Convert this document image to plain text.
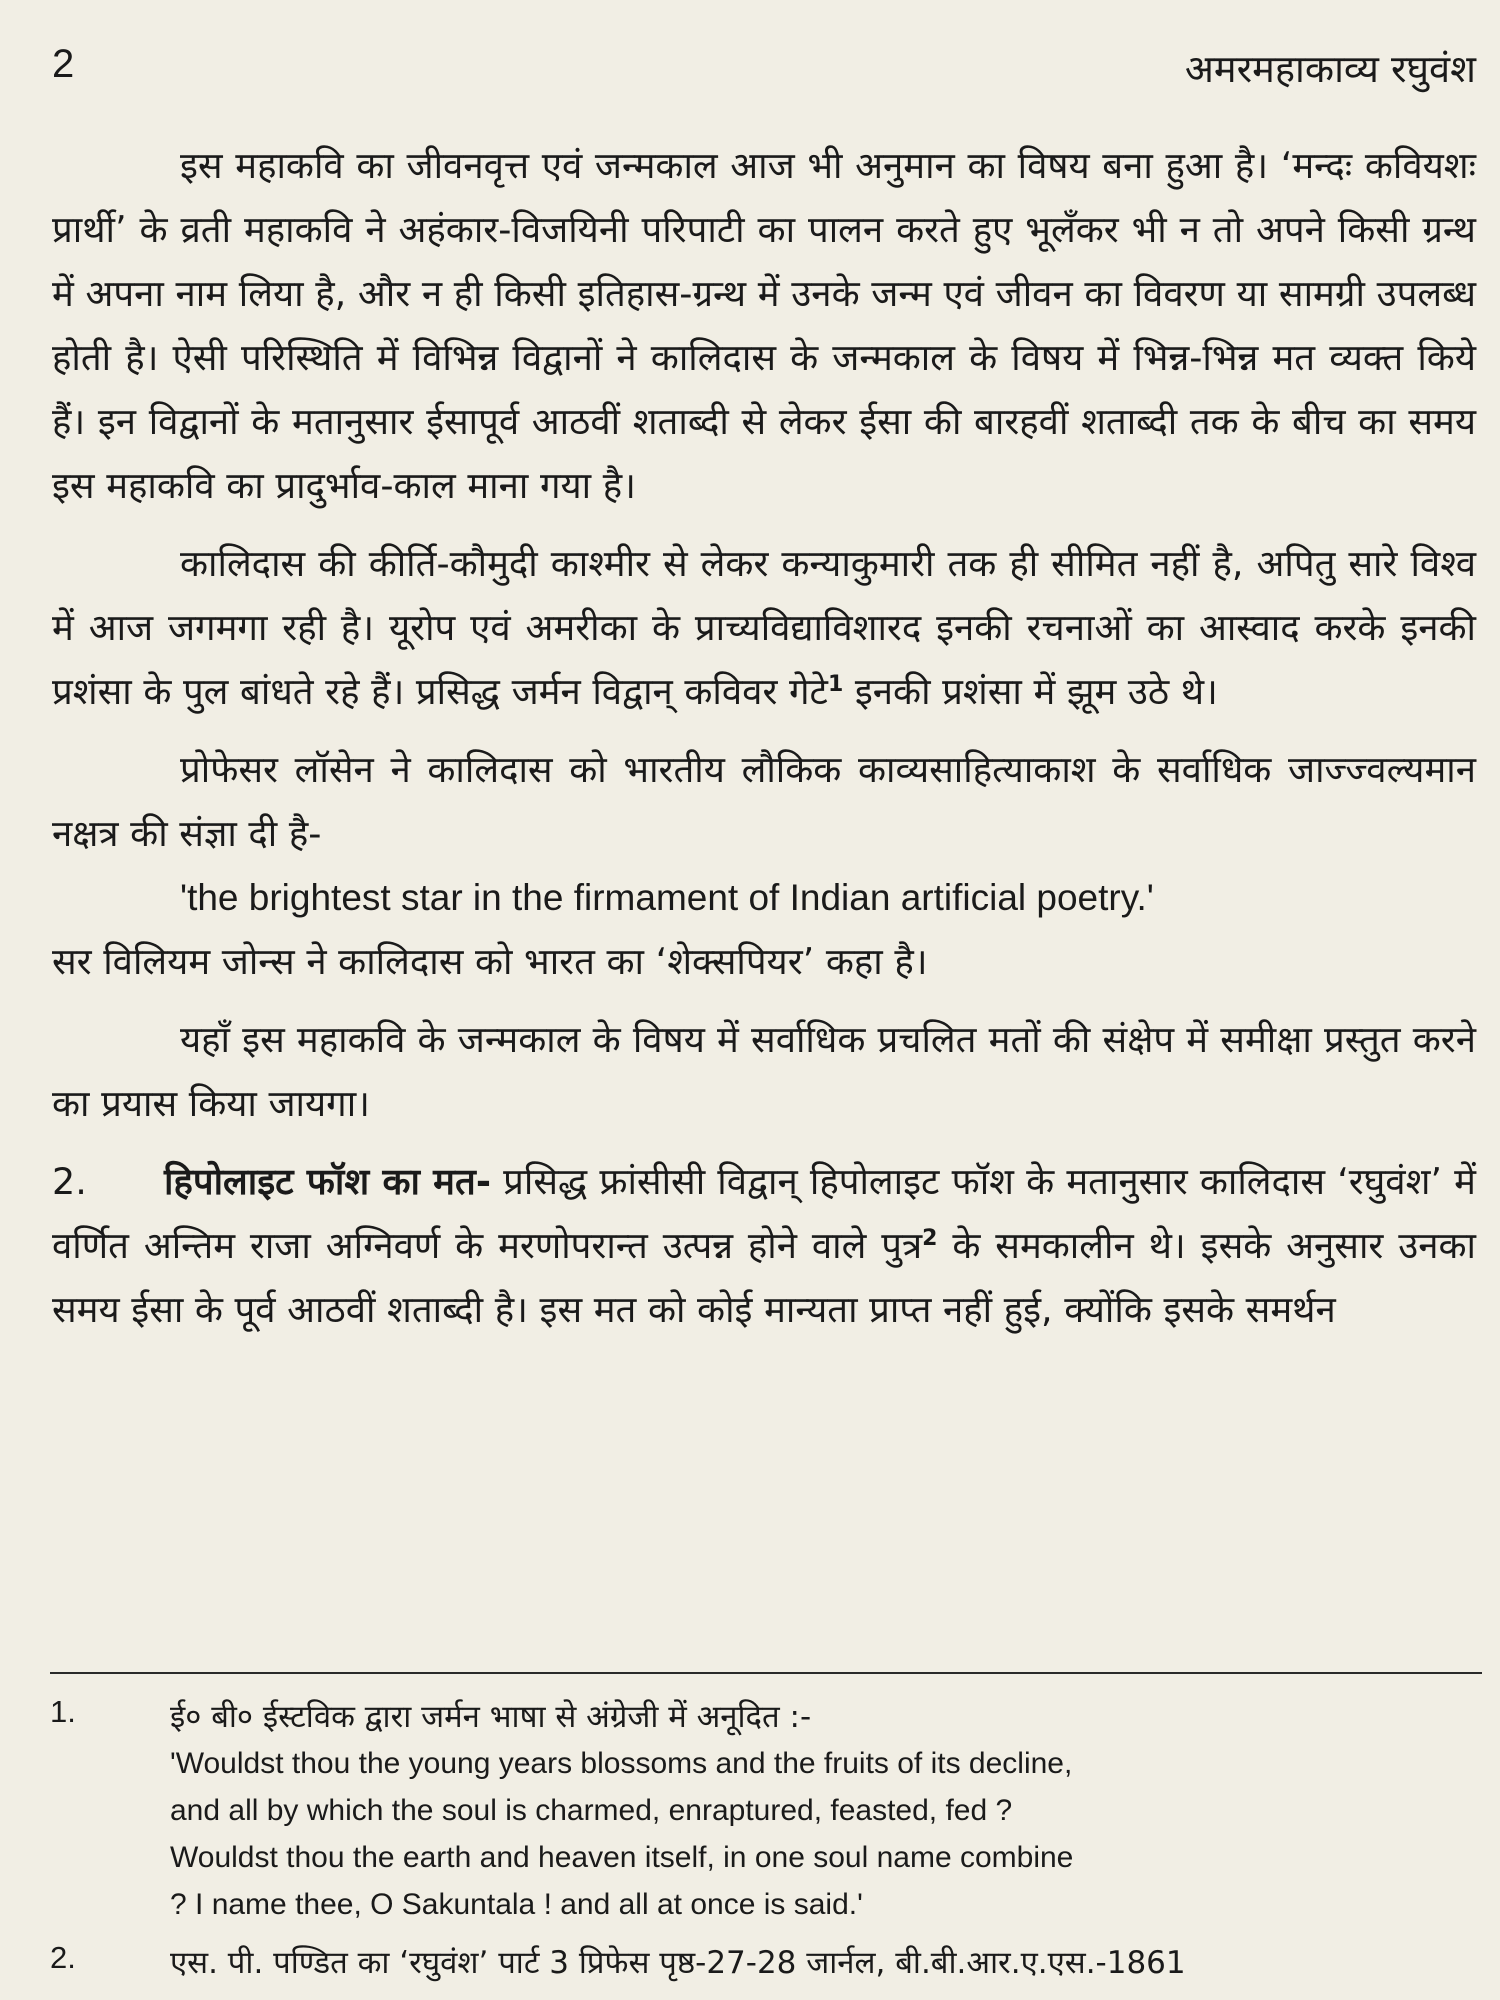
2	अमरमहाकाव्य रघुवंश

इस महाकवि का जीवनवृत्त एवं जन्मकाल आज भी अनुमान का विषय बना हुआ है। ‘मन्दः कवियशः प्रार्थी’ के व्रती महाकवि ने अहंकार-विजयिनी परिपाटी का पालन करते हुए भूलँकर भी न तो अपने किसी ग्रन्थ में अपना नाम लिया है, और न ही किसी इतिहास-ग्रन्थ में उनके जन्म एवं जीवन का विवरण या सामग्री उपलब्ध होती है। ऐसी परिस्थिति में विभिन्न विद्वानों ने कालिदास के जन्मकाल के विषय में भिन्न-भिन्न मत व्यक्त किये हैं। इन विद्वानों के मतानुसार ईसापूर्व आठवीं शताब्दी से लेकर ईसा की बारहवीं शताब्दी तक के बीच का समय इस महाकवि का प्रादुर्भाव-काल माना गया है।

कालिदास की कीर्ति-कौमुदी काश्मीर से लेकर कन्याकुमारी तक ही सीमित नहीं है, अपितु सारे विश्व में आज जगमगा रही है। यूरोप एवं अमरीका के प्राच्यविद्याविशारद इनकी रचनाओं का आस्वाद करके इनकी प्रशंसा के पुल बांधते रहे हैं। प्रसिद्ध जर्मन विद्वान् कविवर गेटे$^1$ इनकी प्रशंसा में झूम उठे थे।

प्रोफेसर लॉसेन ने कालिदास को भारतीय लौकिक काव्यसाहित्याकाश के सर्वाधिक जाज्ज्वल्यमान नक्षत्र की संज्ञा दी है-

'the brightest star in the firmament of Indian artificial poetry.'

सर विलियम जोन्स ने कालिदास को भारत का ‘शेक्सपियर’ कहा है।

यहाँ इस महाकवि के जन्मकाल के विषय में सर्वाधिक प्रचलित मतों की संक्षेप में समीक्षा प्रस्तुत करने का प्रयास किया जायगा।

2. हिपोलाइट फॉश का मत- प्रसिद्ध फ्रांसीसी विद्वान् हिपोलाइट फॉश के मतानुसार कालिदास ‘रघुवंश’ में वर्णित अन्तिम राजा अग्निवर्ण के मरणोपरान्त उत्पन्न होने वाले पुत्र$^2$ के समकालीन थे। इसके अनुसार उनका समय ईसा के पूर्व आठवीं शताब्दी है। इस मत को कोई मान्यता प्राप्त नहीं हुई, क्योंकि इसके समर्थन

1.	ई० बी० ईस्टविक द्वारा जर्मन भाषा से अंग्रेजी में अनूदित :-

'Wouldst thou the young years blossoms and the fruits of its decline,
and all by which the soul is charmed, enraptured, feasted, fed ?
Wouldst thou the earth and heaven itself, in one soul name combine
? I name thee, O Sakuntala ! and all at once is said.'

2.	एस. पी. पण्डित का ‘रघुवंश’ पार्ट 3 प्रिफेस पृष्ठ-27-28 जार्नल, बी.बी.आर.ए.एस.-1861
